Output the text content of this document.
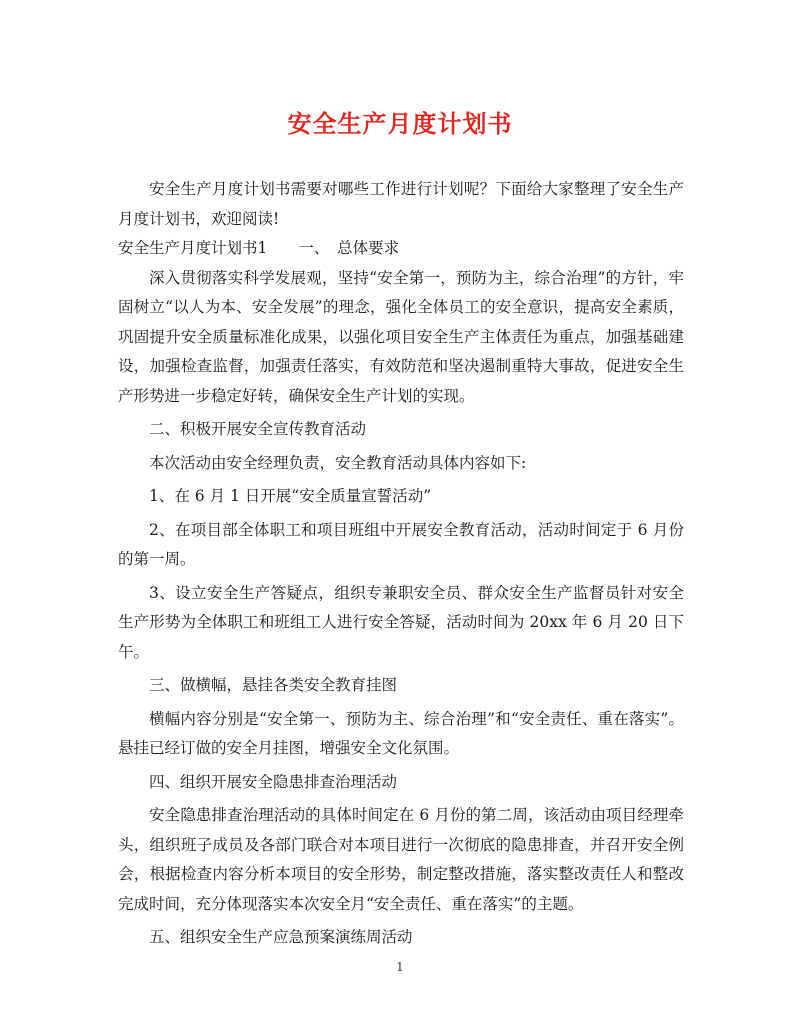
安全生产月度计划书

安全生产月度计划书需要对哪些工作进行计划呢？下面给大家整理了安全生产月度计划书，欢迎阅读!

安全生产月度计划书1　　一、　总体要求

深入贯彻落实科学发展观，坚持“安全第一，预防为主，综合治理”的方针，牢固树立“以人为本、安全发展”的理念，强化全体员工的安全意识，提高安全素质，巩固提升安全质量标准化成果，以强化项目安全生产主体责任为重点，加强基础建设，加强检查监督，加强责任落实，有效防范和坚决遏制重特大事故，促进安全生产形势进一步稳定好转，确保安全生产计划的实现。

二、积极开展安全宣传教育活动

本次活动由安全经理负责，安全教育活动具体内容如下:

1、在 6 月 1 日开展“安全质量宣誓活动”

2、在项目部全体职工和项目班组中开展安全教育活动，活动时间定于 6 月份的第一周。

3、设立安全生产答疑点，组织专兼职安全员、群众安全生产监督员针对安全生产形势为全体职工和班组工人进行安全答疑，活动时间为 20xx 年 6 月 20 日下午。

三、做横幅，悬挂各类安全教育挂图

横幅内容分别是“安全第一、预防为主、综合治理”和“安全责任、重在落实”。悬挂已经订做的安全月挂图，增强安全文化氛围。

四、组织开展安全隐患排查治理活动

安全隐患排查治理活动的具体时间定在 6 月份的第二周，该活动由项目经理牵头，组织班子成员及各部门联合对本项目进行一次彻底的隐患排查，并召开安全例会，根据检查内容分析本项目的安全形势，制定整改措施，落实整改责任人和整改完成时间，充分体现落实本次安全月“安全责任、重在落实”的主题。

五、组织安全生产应急预案演练周活动

1
